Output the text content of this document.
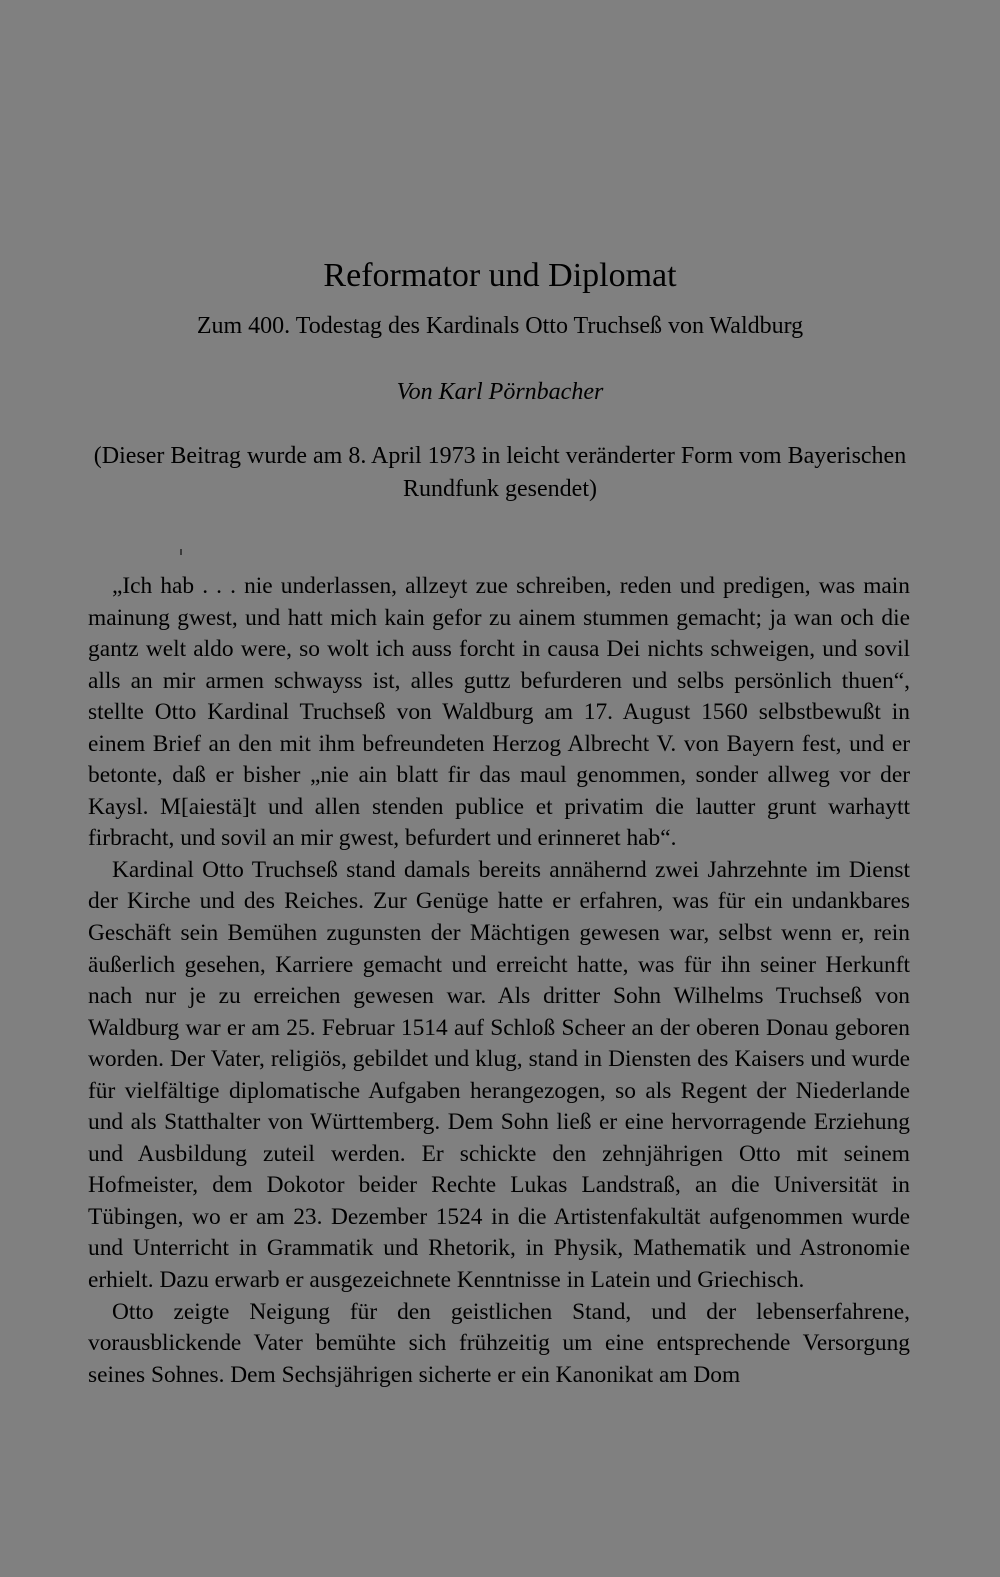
Reformator und Diplomat
Zum 400. Todestag des Kardinals Otto Truchseß von Waldburg
Von Karl Pörnbacher
(Dieser Beitrag wurde am 8. April 1973 in leicht veränderter Form vom Bayerischen Rundfunk gesendet)

„Ich hab . . . nie underlassen, allzeyt zue schreiben, reden und predigen, was main mainung gwest, und hatt mich kain gefor zu ainem stummen gemacht; ja wan och die gantz welt aldo were, so wolt ich auss forcht in causa Dei nichts schweigen, und sovil alls an mir armen schwayss ist, alles guttz befurderen und selbs persönlich thuen“, stellte Otto Kardinal Truchseß von Waldburg am 17. August 1560 selbstbewußt in einem Brief an den mit ihm befreundeten Herzog Albrecht V. von Bayern fest, und er betonte, daß er bisher „nie ain blatt fir das maul genommen, sonder allweg vor der Kaysl. M[aiestä]t und allen stenden publice et privatim die lautter grunt warhaytt firbracht, und sovil an mir gwest, befurdert und erinneret hab“.

Kardinal Otto Truchseß stand damals bereits annähernd zwei Jahrzehnte im Dienst der Kirche und des Reiches. Zur Genüge hatte er erfahren, was für ein undankbares Geschäft sein Bemühen zugunsten der Mächtigen gewesen war, selbst wenn er, rein äußerlich gesehen, Karriere gemacht und erreicht hatte, was für ihn seiner Herkunft nach nur je zu erreichen gewesen war. Als dritter Sohn Wilhelms Truchseß von Waldburg war er am 25. Februar 1514 auf Schloß Scheer an der oberen Donau geboren worden. Der Vater, religiös, gebildet und klug, stand in Diensten des Kaisers und wurde für vielfältige diplomatische Aufgaben herangezogen, so als Regent der Niederlande und als Statthalter von Württemberg. Dem Sohn ließ er eine hervorragende Erziehung und Ausbildung zuteil werden. Er schickte den zehnjährigen Otto mit seinem Hofmeister, dem Dokotor beider Rechte Lukas Landstraß, an die Universität in Tübingen, wo er am 23. Dezember 1524 in die Artistenfakultät aufgenommen wurde und Unterricht in Grammatik und Rhetorik, in Physik, Mathematik und Astronomie erhielt. Dazu erwarb er ausgezeichnete Kenntnisse in Latein und Griechisch.

Otto zeigte Neigung für den geistlichen Stand, und der lebenserfahrene, vorausblickende Vater bemühte sich frühzeitig um eine entsprechende Versorgung seines Sohnes. Dem Sechsjährigen sicherte er ein Kanonikat am Dom
